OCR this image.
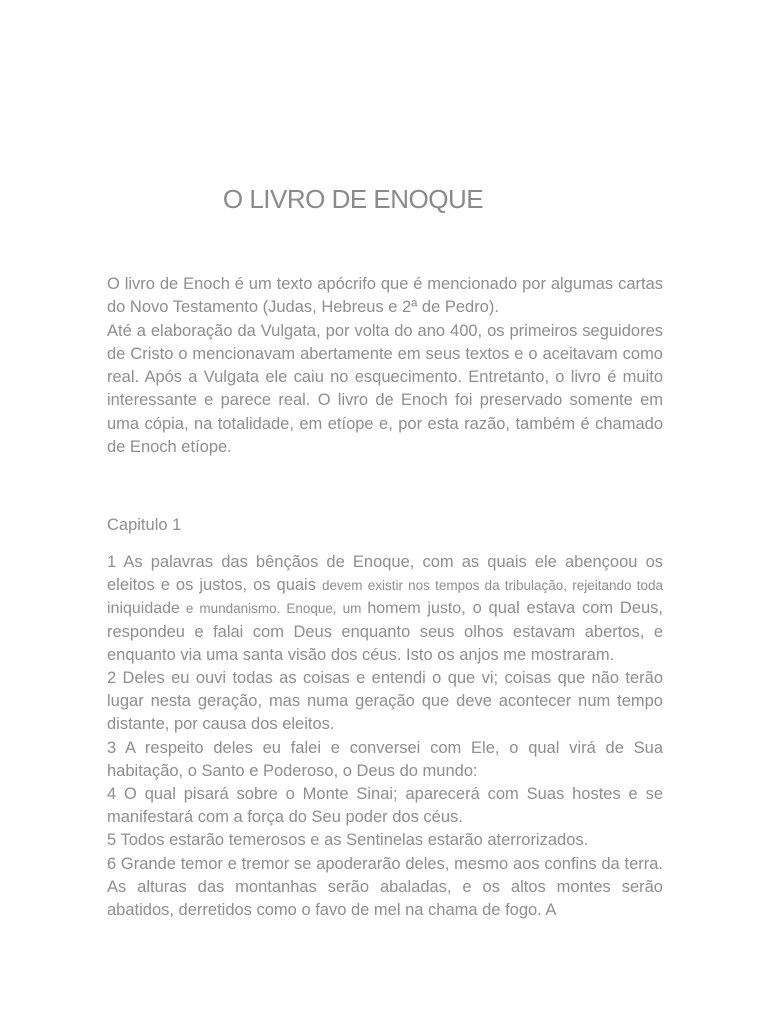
O LIVRO DE ENOQUE

O livro de Enoch é um texto apócrifo que é mencionado por algumas cartas do Novo Testamento (Judas, Hebreus e 2ª de Pedro).

Até a elaboração da Vulgata, por volta do ano 400, os primeiros seguidores de Cristo o mencionavam abertamente em seus textos e o aceitavam como real. Após a Vulgata ele caiu no esquecimento. Entretanto, o livro é muito interessante e parece real. O livro de Enoch foi preservado somente em uma cópia, na totalidade, em etíope e, por esta razão, também é chamado de Enoch etíope.

Capitulo 1

1 As palavras das bênçãos de Enoque, com as quais ele abençoou os eleitos e os justos, os quais devem existir nos tempos da tribulação, rejeitando toda iniquidade e mundanismo. Enoque, um homem justo, o qual estava com Deus, respondeu e falai com Deus enquanto seus olhos estavam abertos, e enquanto via uma santa visão dos céus. Isto os anjos me mostraram.

2 Deles eu ouvi todas as coisas e entendi o que vi; coisas que não terão lugar nesta geração, mas numa geração que deve acontecer num tempo distante, por causa dos eleitos.

3 A respeito deles eu falei e conversei com Ele, o qual virá de Sua habitação, o Santo e Poderoso, o Deus do mundo:

4 O qual pisará sobre o Monte Sinai; aparecerá com Suas hostes e se manifestará com a força do Seu poder dos céus.

5 Todos estarão temerosos e as Sentinelas estarão aterrorizados.

6 Grande temor e tremor se apoderarão deles, mesmo aos confins da terra. As alturas das montanhas serão abaladas, e os altos montes serão abatidos, derretidos como o favo de mel na chama de fogo. A
